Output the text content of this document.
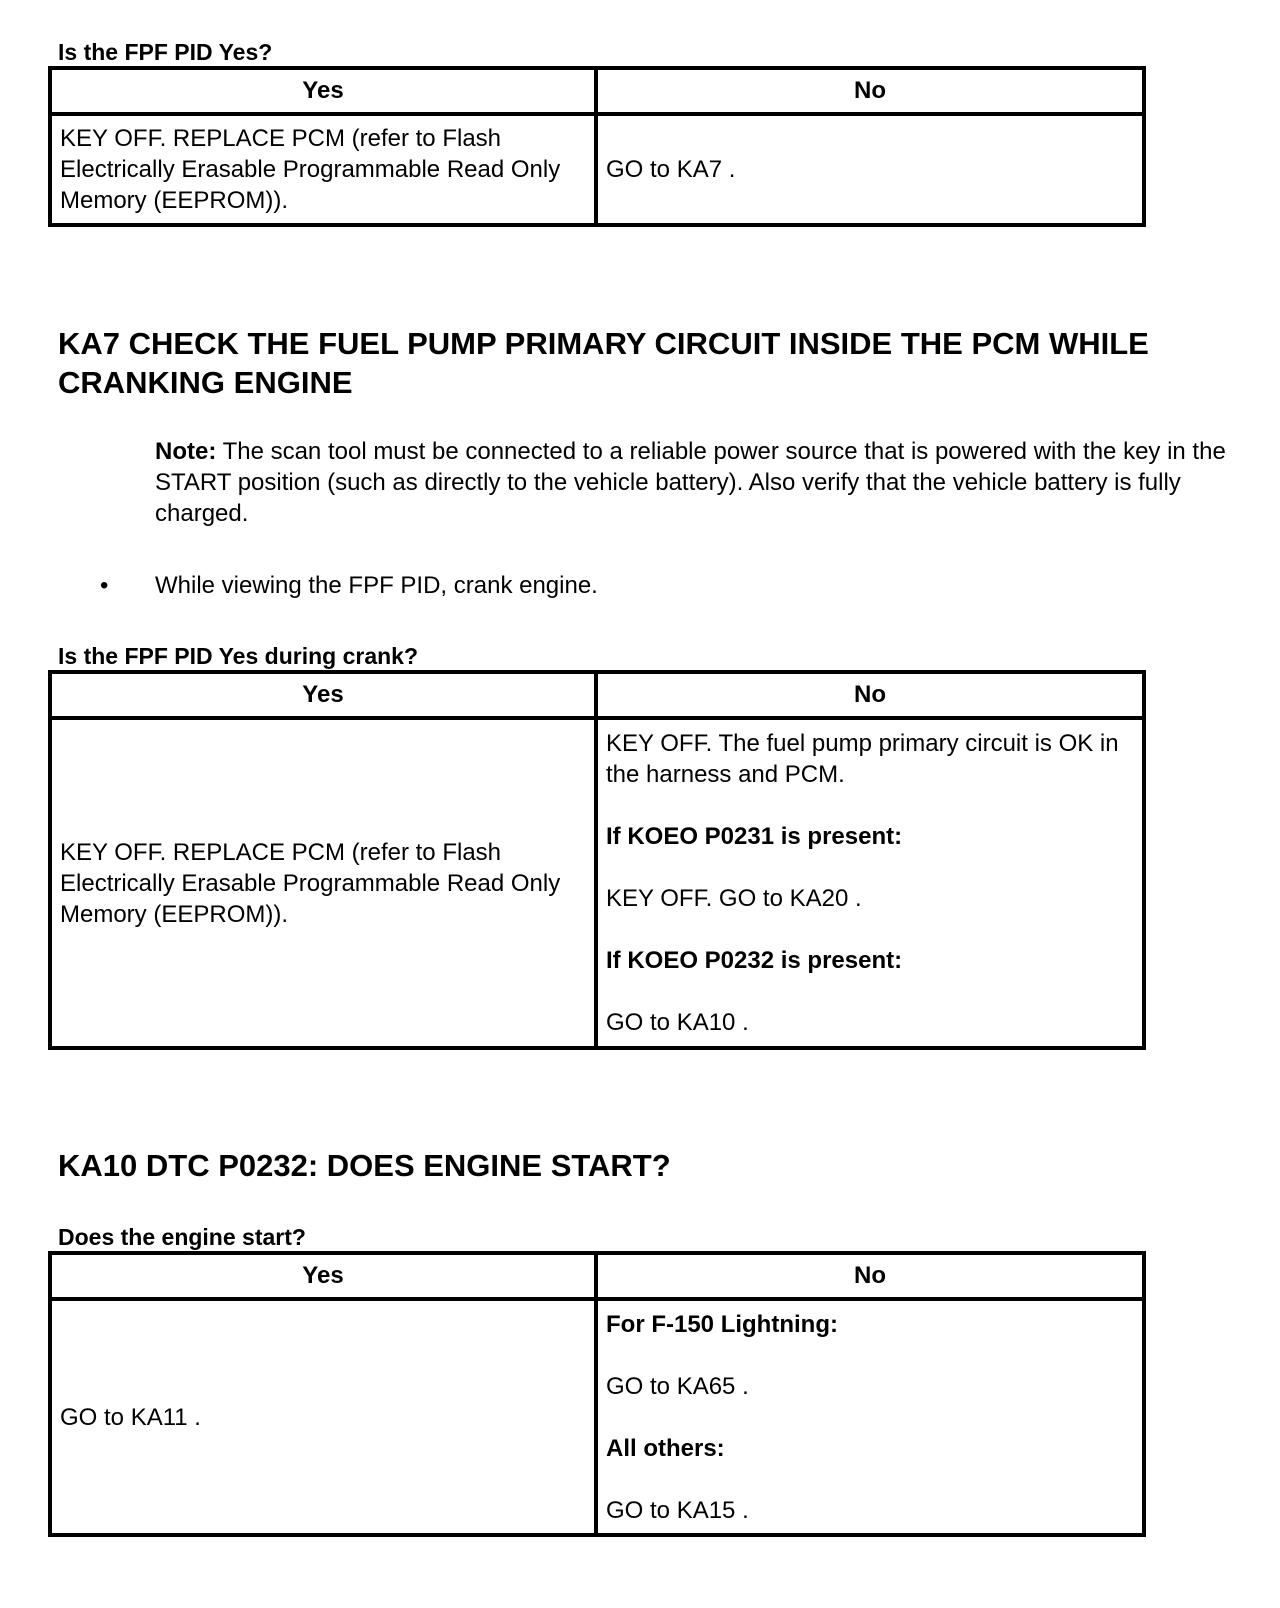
Is the FPF PID Yes?
Yes	No
KEY OFF. REPLACE PCM (refer to Flash Electrically Erasable Programmable Read Only Memory (EEPROM)).	GO to KA7 .
KA7 CHECK THE FUEL PUMP PRIMARY CIRCUIT INSIDE THE PCM WHILE CRANKING ENGINE

Note: The scan tool must be connected to a reliable power source that is powered with the key in the START position (such as directly to the vehicle battery). Also verify that the vehicle battery is fully charged.

• While viewing the FPF PID, crank engine.
Is the FPF PID Yes during crank?
Yes	No
KEY OFF. REPLACE PCM (refer to Flash Electrically Erasable Programmable Read Only Memory (EEPROM)).	KEY OFF. The fuel pump primary circuit is OK in the harness and PCM.

If KOEO P0231 is present:

KEY OFF. GO to KA20 .

If KOEO P0232 is present:

GO to KA10 .

KA10 DTC P0232: DOES ENGINE START?
Does the engine start?
Yes	No
GO to KA11 .	For F-150 Lightning:

GO to KA65 .

All others:

GO to KA15 .
